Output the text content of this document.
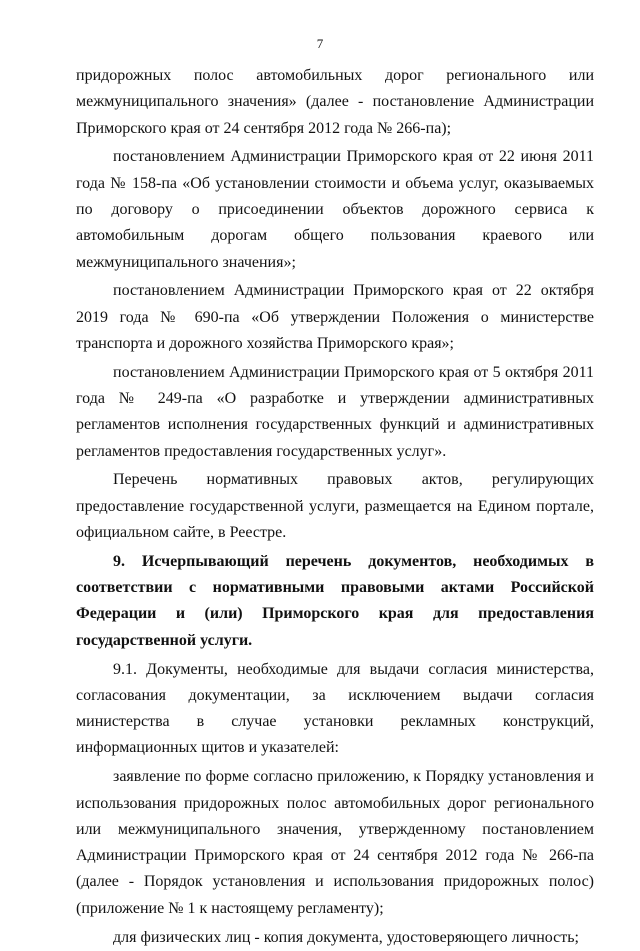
7

придорожных полос автомобильных дорог регионального или межмуниципального значения» (далее - постановление Администрации Приморского края от 24 сентября 2012 года № 266-па);

постановлением Администрации Приморского края от 22 июня 2011 года № 158-па «Об установлении стоимости и объема услуг, оказываемых по договору о присоединении объектов дорожного сервиса к автомобильным дорогам общего пользования краевого или межмуниципального значения»;

постановлением Администрации Приморского края от 22 октября 2019 года № 690-па «Об утверждении Положения о министерстве транспорта и дорожного хозяйства Приморского края»;

постановлением Администрации Приморского края от 5 октября 2011 года № 249-па «О разработке и утверждении административных регламентов исполнения государственных функций и административных регламентов предоставления государственных услуг».

Перечень нормативных правовых актов, регулирующих предоставление государственной услуги, размещается на Едином портале, официальном сайте, в Реестре.

9. Исчерпывающий перечень документов, необходимых в соответствии с нормативными правовыми актами Российской Федерации и (или) Приморского края для предоставления государственной услуги.

9.1. Документы, необходимые для выдачи согласия министерства, согласования документации, за исключением выдачи согласия министерства в случае установки рекламных конструкций, информационных щитов и указателей:

заявление по форме согласно приложению, к Порядку установления и использования придорожных полос автомобильных дорог регионального или межмуниципального значения, утвержденному постановлением Администрации Приморского края от 24 сентября 2012 года № 266-па (далее - Порядок установления и использования придорожных полос) (приложение № 1 к настоящему регламенту);

для физических лиц - копия документа, удостоверяющего личность;
